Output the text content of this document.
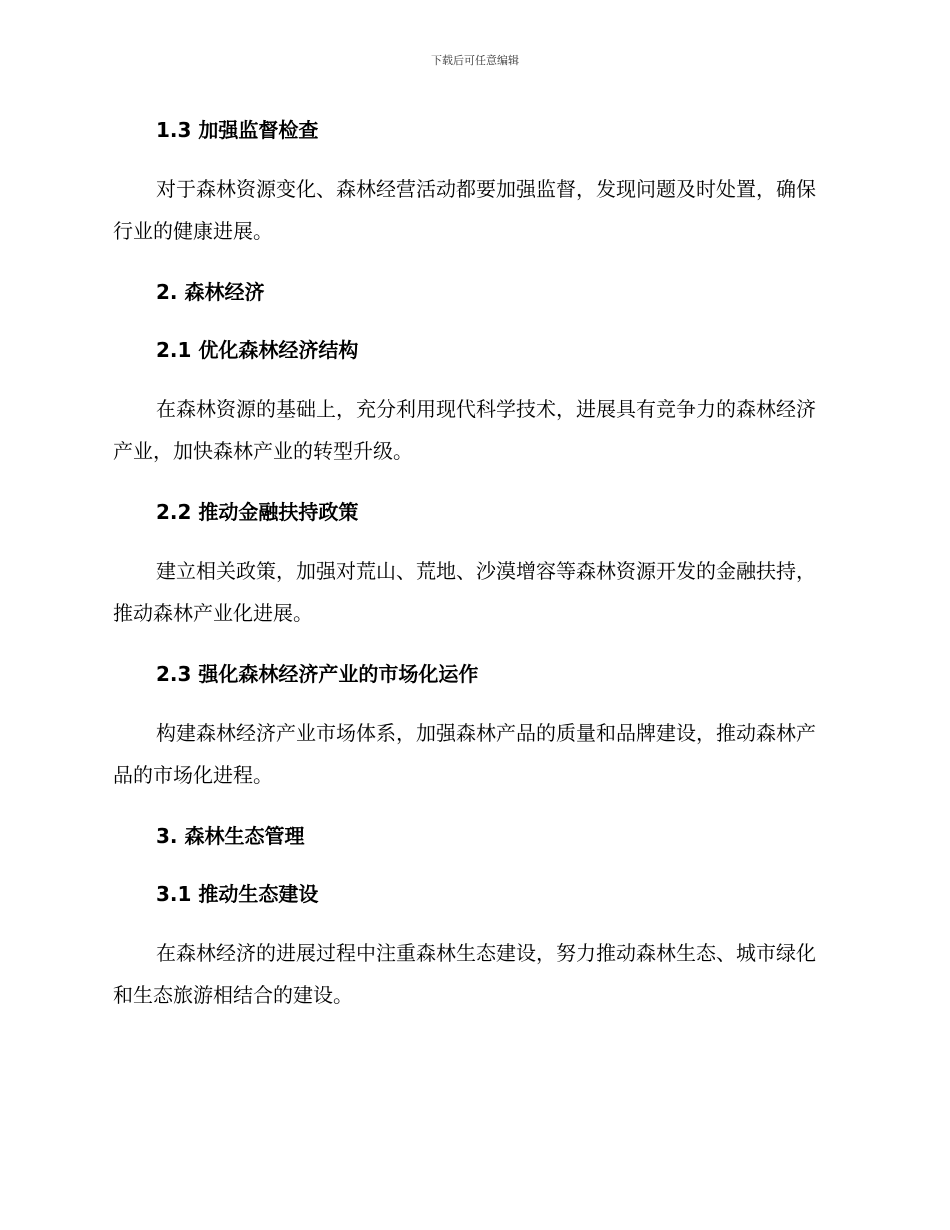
下载后可任意编辑
1.3 加强监督检查

对于森林资源变化、森林经营活动都要加强监督，发现问题及时处置，确保行业的健康进展。

2. 森林经济
2.1 优化森林经济结构

在森林资源的基础上，充分利用现代科学技术，进展具有竞争力的森林经济产业，加快森林产业的转型升级。

2.2 推动金融扶持政策

建立相关政策，加强对荒山、荒地、沙漠增容等森林资源开发的金融扶持，推动森林产业化进展。

2.3 强化森林经济产业的市场化运作

构建森林经济产业市场体系，加强森林产品的质量和品牌建设，推动森林产品的市场化进程。

3. 森林生态管理
3.1 推动生态建设

在森林经济的进展过程中注重森林生态建设，努力推动森林生态、城市绿化和生态旅游相结合的建设。
